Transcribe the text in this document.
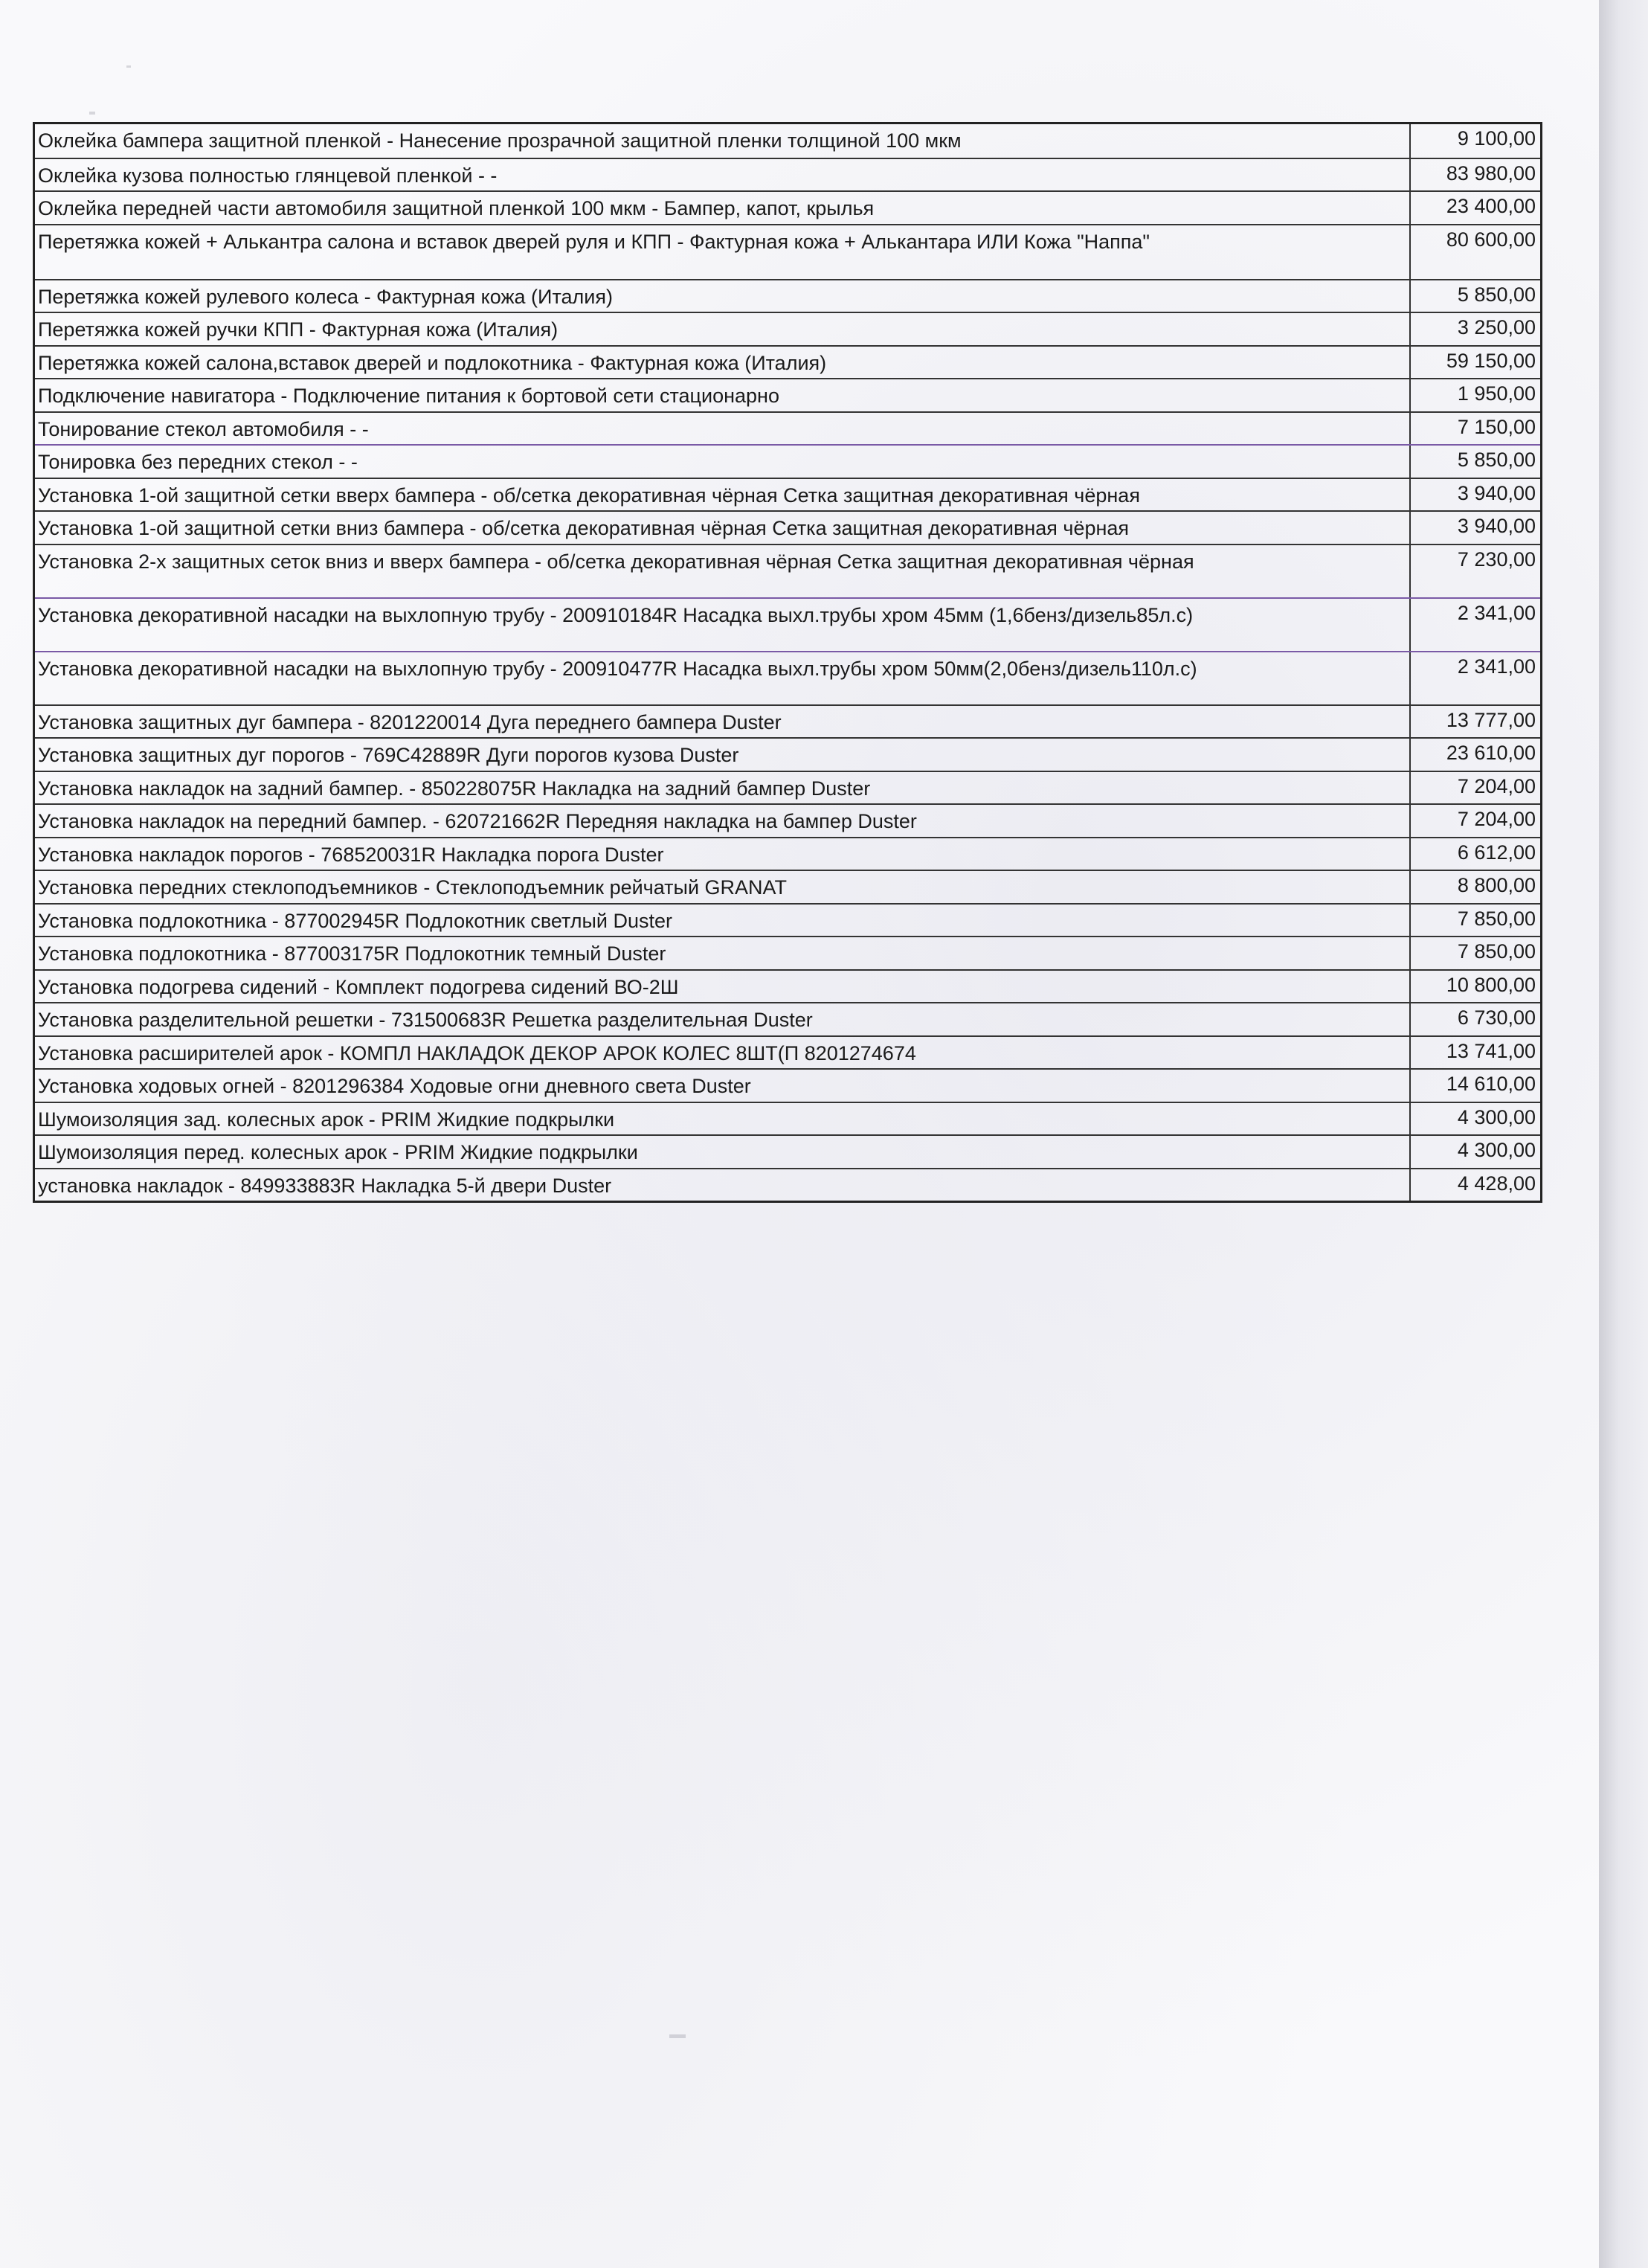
Оклейка бампера защитной пленкой - Нанесение прозрачной защитной пленки толщиной 100 мкм	9 100,00
Оклейка кузова полностью глянцевой пленкой - -	83 980,00
Оклейка передней части автомобиля защитной пленкой 100 мкм - Бампер, капот, крылья	23 400,00
Перетяжка кожей + Алькантра салона и вставок дверей руля и КПП - Фактурная кожа + Алькантара ИЛИ Кожа "Наппа"	80 600,00
Перетяжка кожей рулевого колеса - Фактурная кожа (Италия)	5 850,00
Перетяжка кожей ручки КПП - Фактурная кожа (Италия)	3 250,00
Перетяжка кожей салона,вставок дверей и подлокотника - Фактурная кожа (Италия)	59 150,00
Подключение навигатора - Подключение питания к бортовой сети стационарно	1 950,00
Тонирование стекол автомобиля - -	7 150,00
Тонировка без передних стекол - -	5 850,00
Установка 1-ой защитной сетки вверх бампера - об/сетка декоративная чёрная Сетка защитная декоративная чёрная	3 940,00
Установка 1-ой защитной сетки вниз бампера - об/сетка декоративная чёрная Сетка защитная декоративная чёрная	3 940,00
Установка 2-х защитных сеток вниз и вверх бампера - об/сетка декоративная чёрная Сетка защитная декоративная чёрная	7 230,00
Установка декоративной насадки на выхлопную трубу - 200910184R Насадка выхл.трубы хром 45мм (1,6бенз/дизель85л.с)	2 341,00
Установка декоративной насадки на выхлопную трубу - 200910477R Насадка выхл.трубы хром 50мм(2,0бенз/дизель110л.с)	2 341,00
Установка защитных дуг бампера - 8201220014 Дуга переднего бампера Duster	13 777,00
Установка защитных дуг порогов - 769C42889R Дуги порогов кузова Duster	23 610,00
Установка накладок на задний бампер. - 850228075R Накладка на задний бампер Duster	7 204,00
Установка накладок на передний бампер. - 620721662R Передняя накладка на бампер Duster	7 204,00
Установка накладок порогов - 768520031R Накладка порога Duster	6 612,00
Установка передних стеклоподъемников - Стеклоподъемник рейчатый GRANAT	8 800,00
Установка подлокотника - 877002945R Подлокотник светлый Duster	7 850,00
Установка подлокотника - 877003175R Подлокотник темный Duster	7 850,00
Установка подогрева сидений - Комплект подогрева сидений ВО-2Ш	10 800,00
Установка разделительной решетки - 731500683R Решетка разделительная Duster	6 730,00
Установка расширителей арок - КОМПЛ НАКЛАДОК ДЕКОР АРОК КОЛЕС 8ШТ(П 8201274674	13 741,00
Установка ходовых огней - 8201296384 Ходовые огни дневного света Duster	14 610,00
Шумоизоляция зад. колесных арок - PRIM Жидкие подкрылки	4 300,00
Шумоизоляция перед. колесных арок - PRIM Жидкие подкрылки	4 300,00
установка накладок - 849933883R Накладка 5-й двери Duster	4 428,00
